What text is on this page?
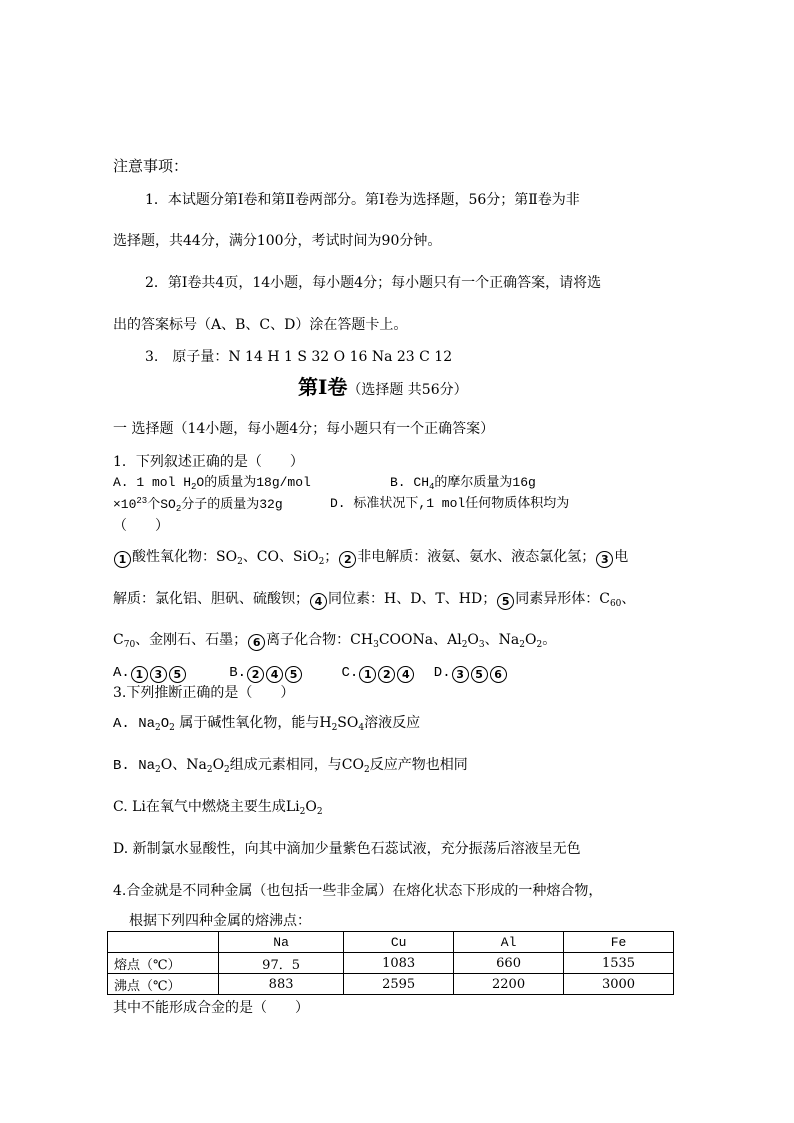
注意事项：
1．本试题分第Ⅰ卷和第Ⅱ卷两部分。第Ⅰ卷为选择题，56分；第Ⅱ卷为非
选择题，共44分，满分100分，考试时间为90分钟。
2．第Ⅰ卷共4页，14小题，每小题4分；每小题只有一个正确答案，请将选
出的答案标号（A、B、C、D）涂在答题卡上。
3.　原子量：N 14 H 1 S 32 O 16 Na 23 C 12
第Ⅰ卷（选择题 共56分）
一 选择题（14小题，每小题4分；每小题只有一个正确答案）
1．下列叙述正确的是（　　）
A. 1 mol $H_2O$的质量为18g/mol	B. $CH_4$的摩尔质量为16g
$\times 10^{23}$个$SO_2$分子的质量为32g	D. 标准状况下,1 mol任何物质体积均为
（　　）
1 酸性氧化物：$SO_2$、CO、SiO$_2$； 2 非电解质：液氨、氨水、液态氯化氢； 3 电
解质：氯化铝、胆矾、硫酸钡； 4 同位素：H、D、T、HD； 5 同素异形体：$C_{60}$、
$C_{70}$、金刚石、石墨； 6 离子化合物：$CH_3COONa$、$Al_2O_3$、$Na_2O_2$。
A. 1 3 5	B. 2 4 5	C. 1 2 4 D. 3 5 6
3.下列推断正确的是（　　）
A. $Na_2O_2$ 属于碱性氧化物，能与$H_2SO_4$溶液反应
B. $Na_2O$、$Na_2O_2$组成元素相同，与$CO_2$反应产物也相同
C. Li在氧气中燃烧主要生成$Li_2O_2$
D. 新制氯水显酸性，向其中滴加少量紫色石蕊试液，充分振荡后溶液呈无色
4.合金就是不同种金属（也包括一些非金属）在熔化状态下形成的一种熔合物，
根据下列四种金属的熔沸点：
	Na	Cu	Al	Fe
熔点（℃）	97．5	1083	660	1535
沸点（℃）	883	2595	2200	3000
其中不能形成合金的是（　　）
